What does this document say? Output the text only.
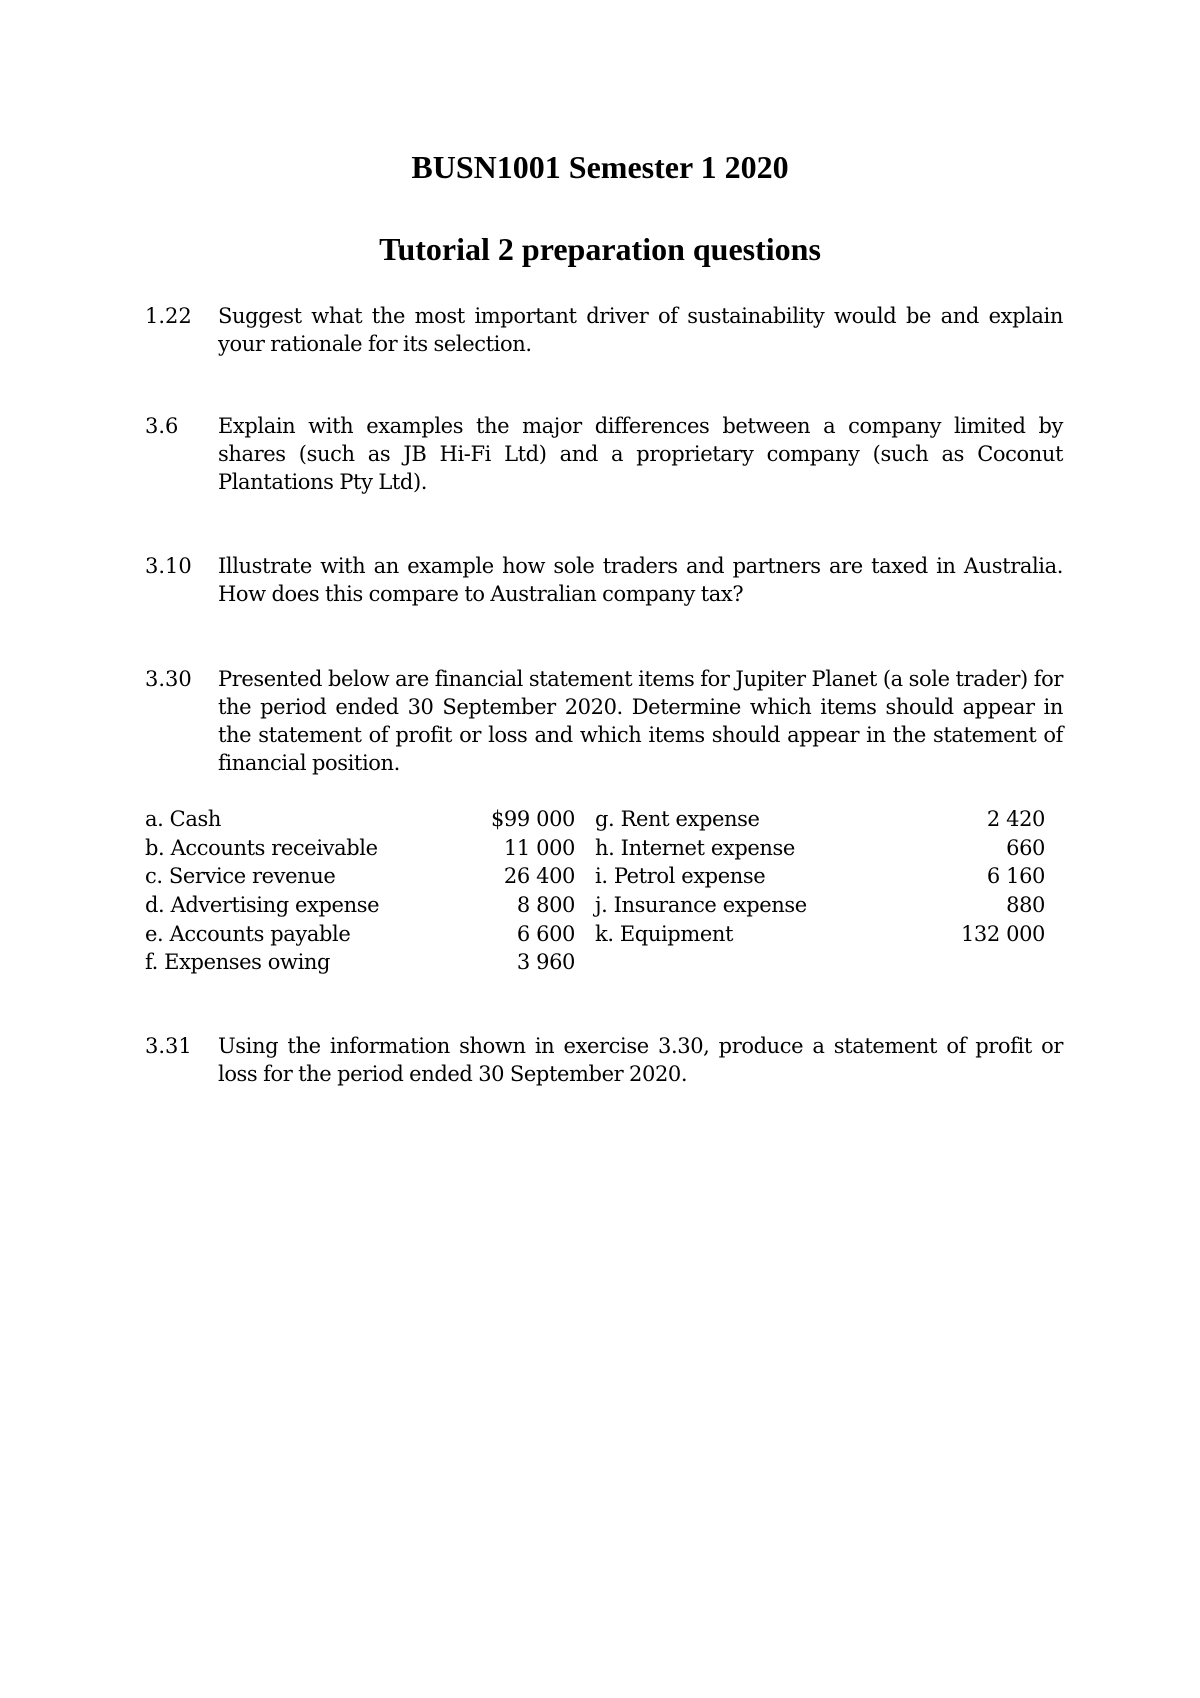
BUSN1001 Semester 1 2020
Tutorial 2 preparation questions
1.22 Suggest what the most important driver of sustainability would be and explain your rationale for its selection.
3.6 Explain with examples the major differences between a company limited by shares (such as JB Hi-Fi Ltd) and a proprietary company (such as Coconut Plantations Pty Ltd).
3.10 Illustrate with an example how sole traders and partners are taxed in Australia. How does this compare to Australian company tax?
3.30 Presented below are financial statement items for Jupiter Planet (a sole trader) for the period ended 30 September 2020. Determine which items should appear in the statement of profit or loss and which items should appear in the statement of financial position.
a. Cash	$99 000
b. Accounts receivable	11 000
c. Service revenue	26 400
d. Advertising expense	8 800
e. Accounts payable	6 600
f. Expenses owing	3 960
g. Rent expense	2 420
h. Internet expense	660
i. Petrol expense	6 160
j. Insurance expense	880
k. Equipment	132 000
3.31 Using the information shown in exercise 3.30, produce a statement of profit or loss for the period ended 30 September 2020.
